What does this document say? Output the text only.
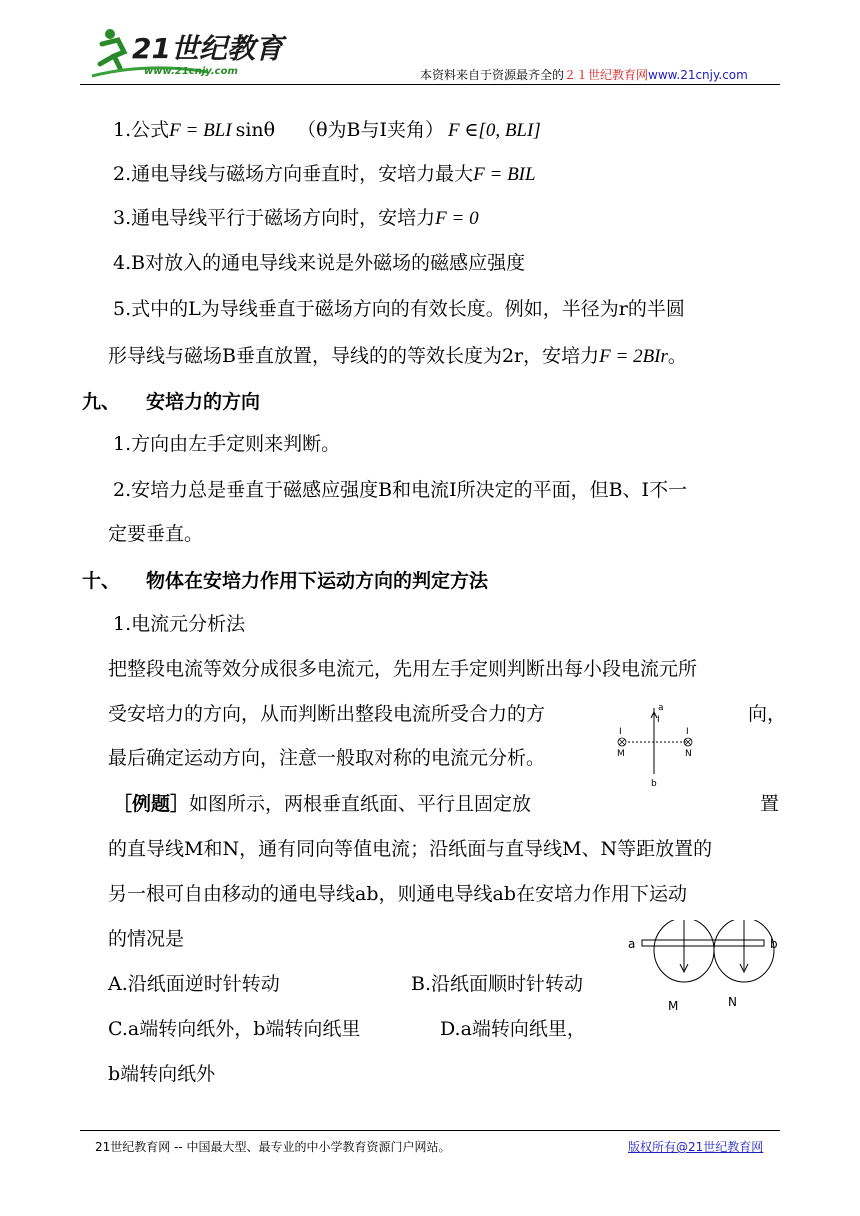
21世纪教育
www.21cnjy.com	本资料来自于资源最齐全的２１世纪教育网www.21cnjy.com
1.公式F = BLI sinθ （θ为B与I夹角） F ∈[0, BLI]
2.通电导线与磁场方向垂直时，安培力最大F = BIL
3.通电导线平行于磁场方向时，安培力F = 0
4.B对放入的通电导线来说是外磁场的磁感应强度
5.式中的L为导线垂直于磁场方向的有效长度。例如，半径为r的半圆
形导线与磁场B垂直放置，导线的的等效长度为2r，安培力F = 2BIr。
九、 安培力的方向
1.方向由左手定则来判断。
2.安培力总是垂直于磁感应强度B和电流I所决定的平面，但B、I不一
定要垂直。
十、 物体在安培力作用下运动方向的判定方法
1.电流元分析法
把整段电流等效分成很多电流元，先用左手定则判断出每小段电流元所
受安培力的方向，从而判断出整段电流所受合力的方	向，
最后确定运动方向，注意一般取对称的电流元分析。
a
I
b
I
M
I
N
［例题］如图所示，两根垂直纸面、平行且固定放	置
的直导线M和N，通有同向等值电流；沿纸面与直导线M、N等距放置的
另一根可自由移动的通电导线ab，则通电导线ab在安培力作用下运动
的情况是	a	b
M	N
A.沿纸面逆时针转动	B.沿纸面顺时针转动
C.a端转向纸外，b端转向纸里	D.a端转向纸里，
b端转向纸外
21世纪教育网 -- 中国最大型、最专业的中小学教育资源门户网站。	版权所有@21世纪教育网
